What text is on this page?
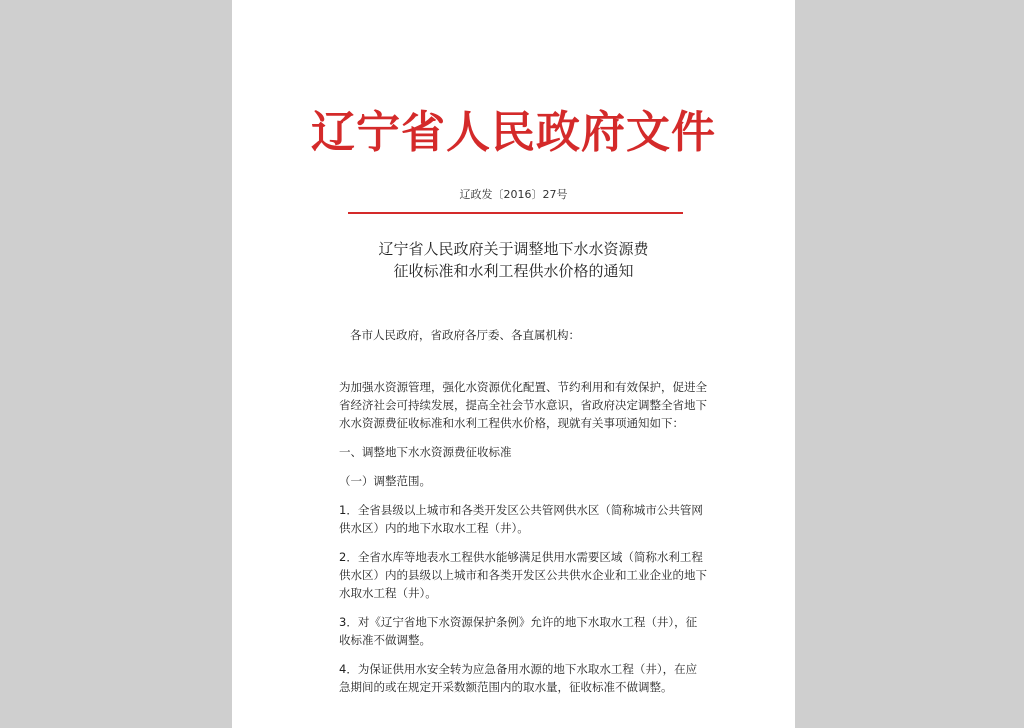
辽宁省人民政府文件
辽政发〔2016〕27号
辽宁省人民政府关于调整地下水水资源费
征收标准和水利工程供水价格的通知
各市人民政府，省政府各厅委、各直属机构：

为加强水资源管理，强化水资源优化配置、节约利用和有效保护，促进全省经济社会可持续发展，提高全社会节水意识，省政府决定调整全省地下水水资源费征收标准和水利工程供水价格，现就有关事项通知如下：

一、调整地下水水资源费征收标准

（一）调整范围。

1．全省县级以上城市和各类开发区公共管网供水区（简称城市公共管网供水区）内的地下水取水工程（井）。

2．全省水库等地表水工程供水能够满足供用水需要区域（简称水利工程供水区）内的县级以上城市和各类开发区公共供水企业和工业企业的地下水取水工程（井）。

3．对《辽宁省地下水资源保护条例》允许的地下水取水工程（井），征收标准不做调整。

4．为保证供用水安全转为应急备用水源的地下水取水工程（井），在应急期间的或在规定开采数额范围内的取水量，征收标准不做调整。
